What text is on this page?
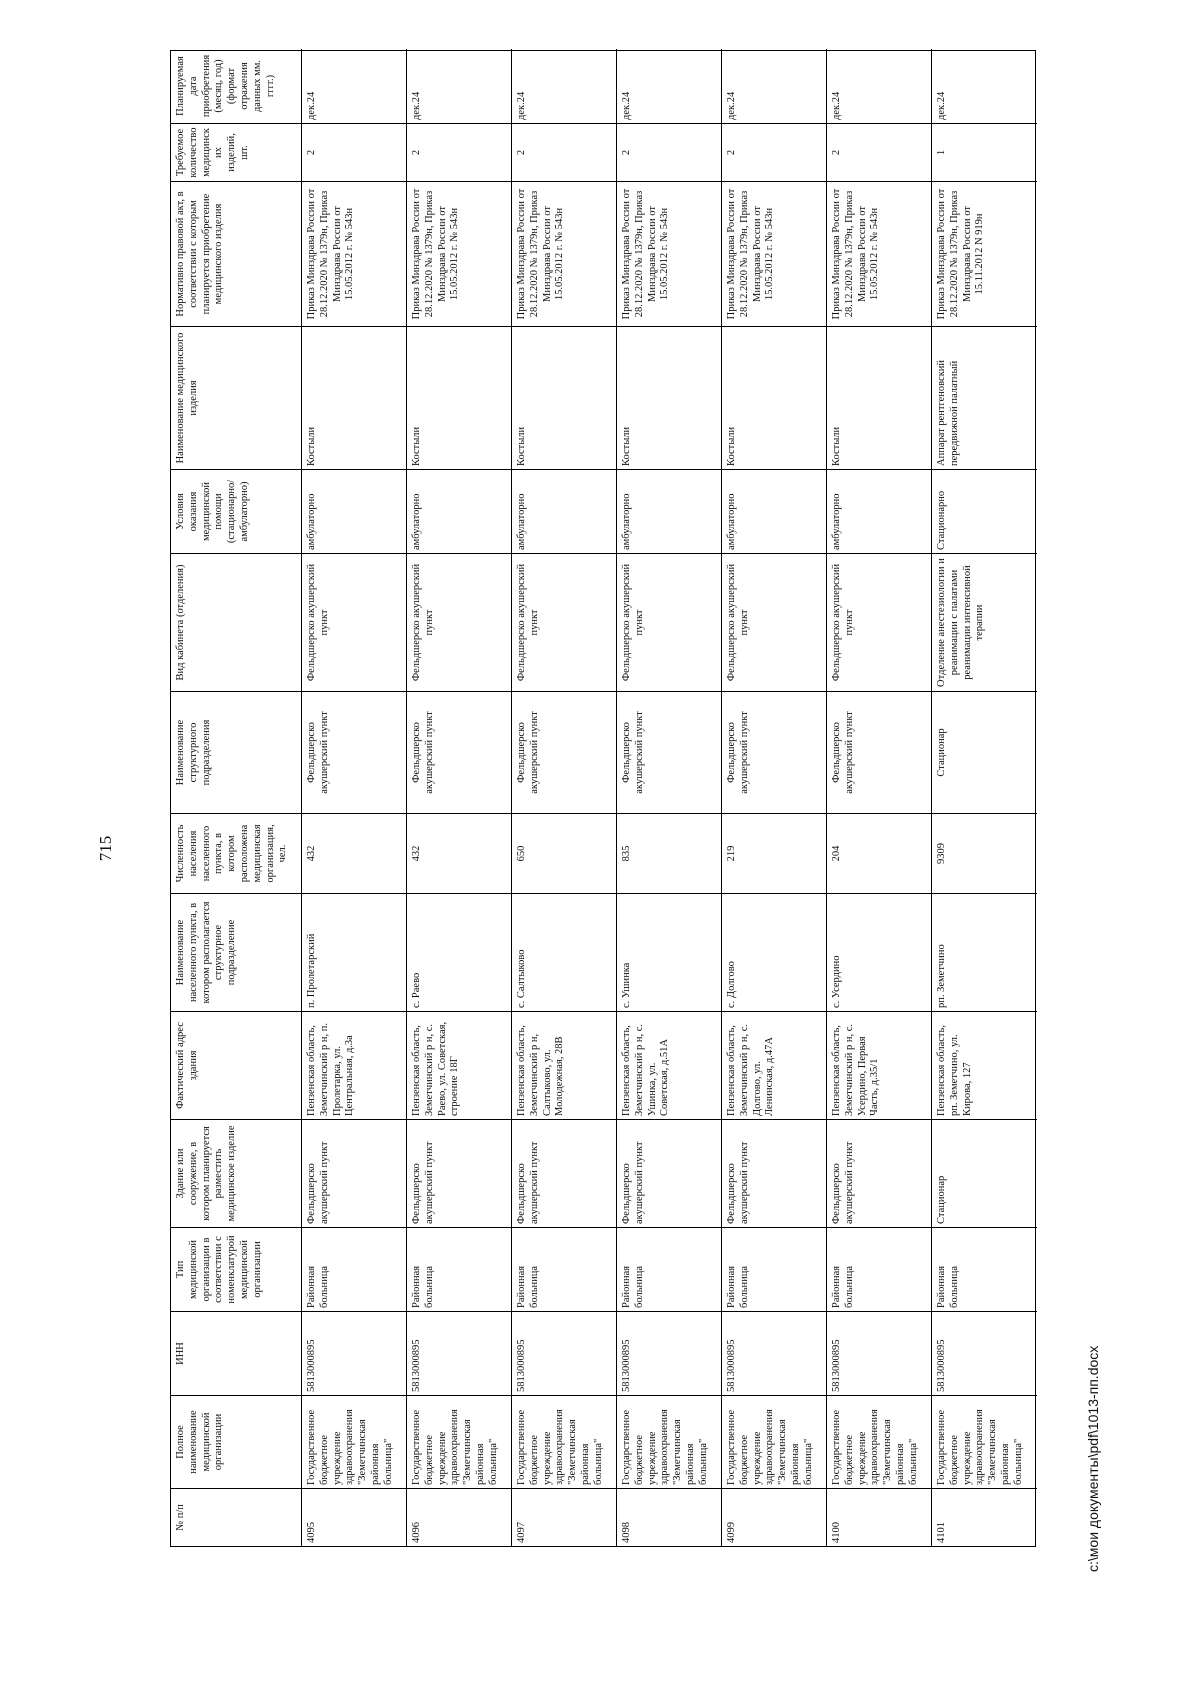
715
№ п/п
Полное наименование медицинской организации
ИНН
Тип медицинской организации в соответствии с номенклатурой медицинской организации
Здание или сооружение, в котором планируется разместить медицинское изделие
Фактический адрес здания
Наименование населенного пункта, в котором располагается структурное подразделение
Численность населения населенного пункта, в котором расположена медицинская организация, чел.
Наименование структурного подразделения
Вид кабинета (отделения)
Условия оказания медицинской помощи (стационарно/ амбулаторно)
Наименование медицинского изделия
Нормативно правовой акт, в соответствии с которым планируется приобретение медицинского изделия
Требуемое количество медицинских изделий, шт.
Планируемая дата приобретения (месяц, год) (формат отражения данных мм. гггг.)
4095
Государственное бюджетное учреждение здравоохранения "Земетчинская районная больница"
5813000895
Районная больница
Фельдшерско акушерский пункт
Пензенская область, Земетчинский р н, п. Пролетарка, ул. Центральная, д.3а
п. Пролетарский
432
Фельдшерско акушерский пункт
Фельдшерско акушерский пункт
амбулаторно
Костыли
Приказ Минздрава России от 28.12.2020 № 1379н, Приказ Минздрава России от 15.05.2012 г. № 543н
2
дек.24
4096
Государственное бюджетное учреждение здравоохранения "Земетчинская районная больница"
5813000895
Районная больница
Фельдшерско акушерский пункт
Пензенская область, Земетчинский р н, с. Раево, ул. Советская, строение 18Г
с. Раево
432
Фельдшерско акушерский пункт
Фельдшерско акушерский пункт
амбулаторно
Костыли
Приказ Минздрава России от 28.12.2020 № 1379н, Приказ Минздрава России от 15.05.2012 г. № 543н
2
дек.24
4097
Государственное бюджетное учреждение здравоохранения "Земетчинская районная больница"
5813000895
Районная больница
Фельдшерско акушерский пункт
Пензенская область, Земетчинский р н, Салтыково, ул. Молодежная, 28В
с. Салтыково
650
Фельдшерско акушерский пункт
Фельдшерско акушерский пункт
амбулаторно
Костыли
Приказ Минздрава России от 28.12.2020 № 1379н, Приказ Минздрава России от 15.05.2012 г. № 543н
2
дек.24
4098
Государственное бюджетное учреждение здравоохранения "Земетчинская районная больница"
5813000895
Районная больница
Фельдшерско акушерский пункт
Пензенская область, Земетчинский р н, с. Ушинка, ул. Советская, д.51А
с. Ушинка
835
Фельдшерско акушерский пункт
Фельдшерско акушерский пункт
амбулаторно
Костыли
Приказ Минздрава России от 28.12.2020 № 1379н, Приказ Минздрава России от 15.05.2012 г. № 543н
2
дек.24
4099
Государственное бюджетное учреждение здравоохранения "Земетчинская районная больница"
5813000895
Районная больница
Фельдшерско акушерский пункт
Пензенская область, Земетчинский р н, с. Долгово, ул. Ленинская, д.47А
с. Долгово
219
Фельдшерско акушерский пункт
Фельдшерско акушерский пункт
амбулаторно
Костыли
Приказ Минздрава России от 28.12.2020 № 1379н, Приказ Минздрава России от 15.05.2012 г. № 543н
2
дек.24
4100
Государственное бюджетное учреждение здравоохранения "Земетчинская районная больница"
5813000895
Районная больница
Фельдшерско акушерский пункт
Пензенская область, Земетчинский р н, с. Усердино, Первая Часть, д.35/1
с. Усердино
204
Фельдшерско акушерский пункт
Фельдшерско акушерский пункт
амбулаторно
Костыли
Приказ Минздрава России от 28.12.2020 № 1379н, Приказ Минздрава России от 15.05.2012 г. № 543н
2
дек.24
4101
Государственное бюджетное учреждение здравоохранения "Земетчинская районная больница"
5813000895
Районная больница
Стационар
Пензенская область, рп. Земетчино, ул. Кирова, 127
рп. Земетчино
9309
Стационар
Отделение анестезиологии и реанимации с палатами реанимации интенсивной терапии
Стационарно
Аппарат рентгеновский передвижной палатный
Приказ Минздрава России от 28.12.2020 № 1379н, Приказ Минздрава России от 15.11.2012 N 919н
1
дек.24
c:\мои документы\pdf\1013-пп.docx
